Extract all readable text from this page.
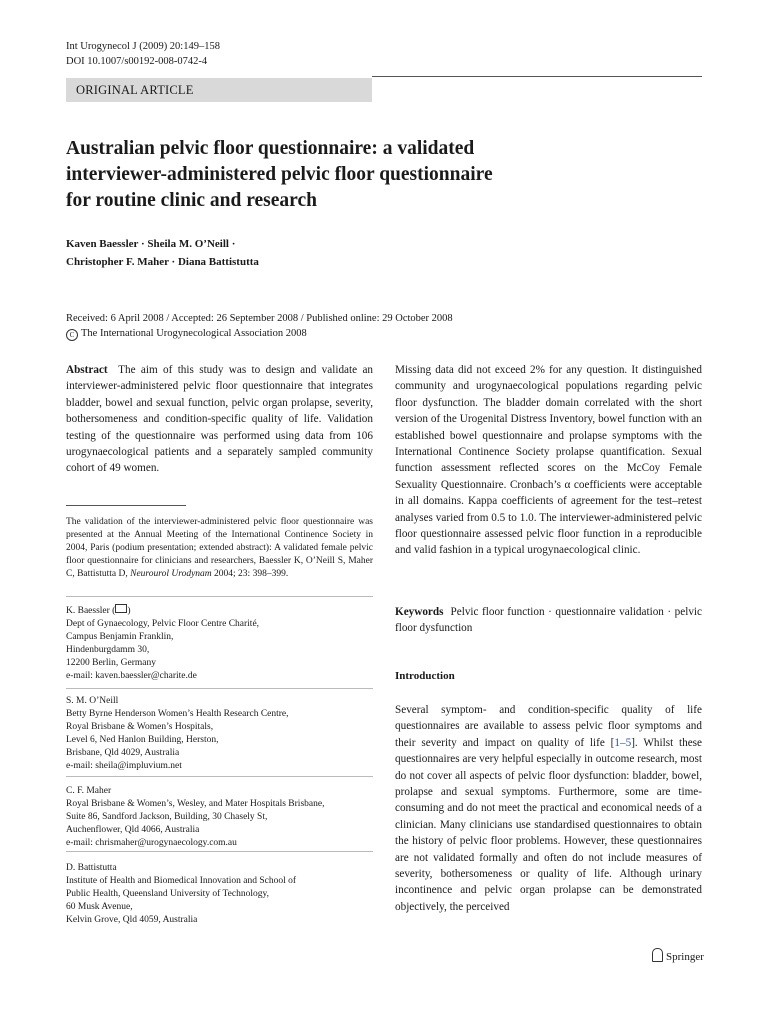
Int Urogynecol J (2009) 20:149–158
DOI 10.1007/s00192-008-0742-4
ORIGINAL ARTICLE
Australian pelvic floor questionnaire: a validated
interviewer-administered pelvic floor questionnaire
for routine clinic and research
Kaven Baessler · Sheila M. O’Neill ·
Christopher F. Maher · Diana Battistutta
Received: 6 April 2008 / Accepted: 26 September 2008 / Published online: 29 October 2008
C The International Urogynecological Association 2008

Abstract The aim of this study was to design and validate an interviewer-administered pelvic floor questionnaire that integrates bladder, bowel and sexual function, pelvic organ prolapse, severity, bothersomeness and condition-specific quality of life. Validation testing of the questionnaire was performed using data from 106 urogynaecological patients and a separately sampled community cohort of 49 women.

The validation of the interviewer-administered pelvic floor questionnaire was presented at the Annual Meeting of the International Continence Society in 2004, Paris (podium presentation; extended abstract): A validated female pelvic floor questionnaire for clinicians and researchers, Baessler K, O’Neill S, Maher C, Battistutta D, Neurourol Urodynam 2004; 23: 398–399.
K. Baessler ( )
Dept of Gynaecology, Pelvic Floor Centre Charité,
Campus Benjamin Franklin,
Hindenburgdamm 30,
12200 Berlin, Germany
e-mail: kaven.baessler@charite.de
S. M. O’Neill
Betty Byrne Henderson Women’s Health Research Centre,
Royal Brisbane & Women’s Hospitals,
Level 6, Ned Hanlon Building, Herston,
Brisbane, Qld 4029, Australia
e-mail: sheila@impluvium.net
C. F. Maher
Royal Brisbane & Women’s, Wesley, and Mater Hospitals Brisbane,
Suite 86, Sandford Jackson, Building, 30 Chasely St,
Auchenflower, Qld 4066, Australia
e-mail: chrismaher@urogynaecology.com.au
D. Battistutta
Institute of Health and Biomedical Innovation and School of
Public Health, Queensland University of Technology,
60 Musk Avenue,
Kelvin Grove, Qld 4059, Australia

Missing data did not exceed 2% for any question. It distinguished community and urogynaecological populations regarding pelvic floor dysfunction. The bladder domain correlated with the short version of the Urogenital Distress Inventory, bowel function with an established bowel questionnaire and prolapse symptoms with the International Continence Society prolapse quantification. Sexual function assessment reflected scores on the McCoy Female Sexuality Questionnaire. Cronbach’s α coefficients were acceptable in all domains. Kappa coefficients of agreement for the test–retest analyses varied from 0.5 to 1.0. The interviewer-administered pelvic floor questionnaire assessed pelvic floor function in a reproducible and valid fashion in a typical urogynaecological clinic.

Keywords Pelvic floor function · questionnaire validation · pelvic floor dysfunction

Introduction

Several symptom- and condition-specific quality of life questionnaires are available to assess pelvic floor symptoms and their severity and impact on quality of life [1–5]. Whilst these questionnaires are very helpful especially in outcome research, most do not cover all aspects of pelvic floor dysfunction: bladder, bowel, prolapse and sexual symptoms. Furthermore, some are time-consuming and do not meet the practical and economical needs of a clinician. Many clinicians use standardised questionnaires to obtain the history of pelvic floor problems. However, these questionnaires are not validated formally and often do not include measures of severity, bothersomeness or quality of life. Although urinary incontinence and pelvic organ prolapse can be demonstrated objectively, the perceived

Springer
